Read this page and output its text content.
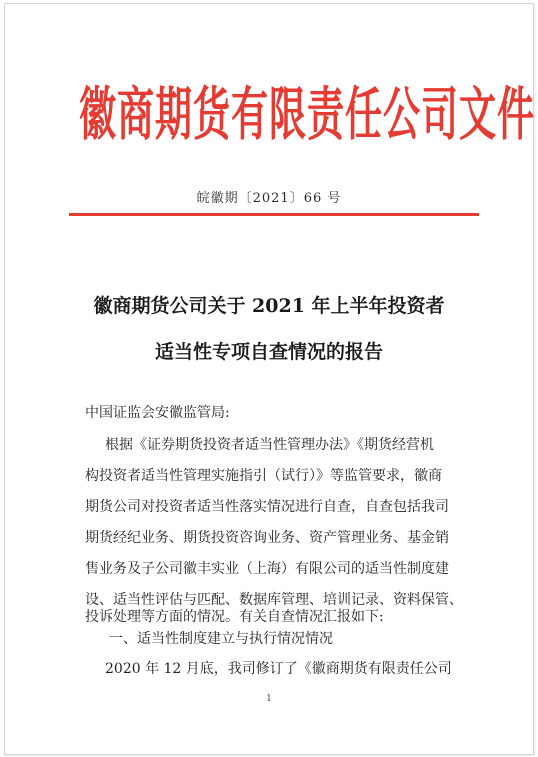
徽商期货有限责任公司文件
皖徽期〔2021〕66 号
徽商期货公司关于 2021 年上半年投资者
适当性专项自查情况的报告
中国证监会安徽监管局:
根据《证券期货投资者适当性管理办法》《期货经营机
构投资者适当性管理实施指引（试行）》等监管要求，徽商
期货公司对投资者适当性落实情况进行自查，自查包括我司
期货经纪业务、期货投资咨询业务、资产管理业务、基金销
售业务及子公司徽丰实业（上海）有限公司的适当性制度建
设、适当性评估与匹配、数据库管理、培训记录、资料保管、
投诉处理等方面的情况。有关自查情况汇报如下:
一、适当性制度建立与执行情况情况
2020 年 12 月底，我司修订了《徽商期货有限责任公司
1
